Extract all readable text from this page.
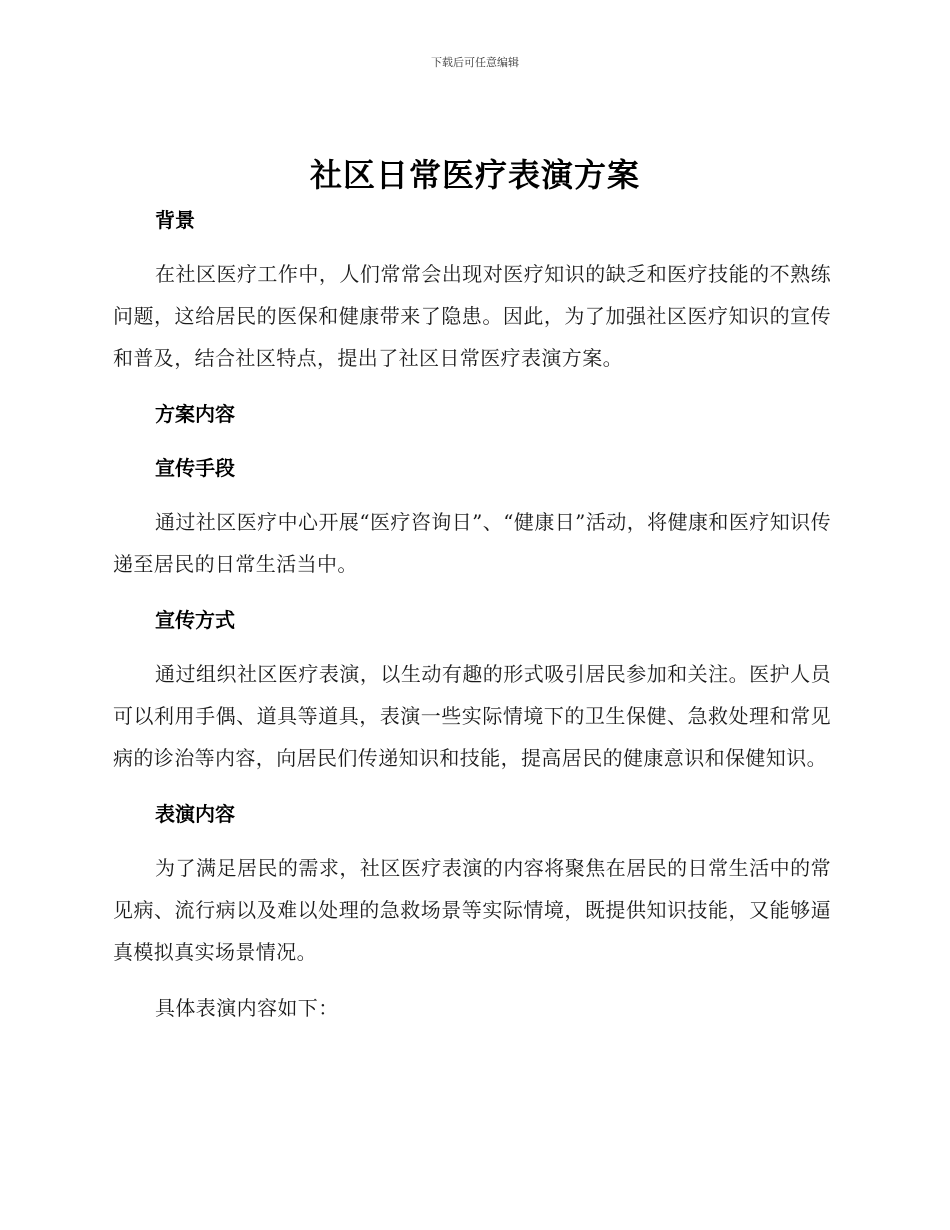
下载后可任意编辑
社区日常医疗表演方案

背景

在社区医疗工作中，人们常常会出现对医疗知识的缺乏和医疗技能的不熟练问题，这给居民的医保和健康带来了隐患。因此，为了加强社区医疗知识的宣传和普及，结合社区特点，提出了社区日常医疗表演方案。

方案内容

宣传手段

通过社区医疗中心开展“医疗咨询日”、“健康日”活动，将健康和医疗知识传递至居民的日常生活当中。

宣传方式

通过组织社区医疗表演，以生动有趣的形式吸引居民参加和关注。医护人员可以利用手偶、道具等道具，表演一些实际情境下的卫生保健、急救处理和常见病的诊治等内容，向居民们传递知识和技能，提高居民的健康意识和保健知识。

表演内容

为了满足居民的需求，社区医疗表演的内容将聚焦在居民的日常生活中的常见病、流行病以及难以处理的急救场景等实际情境，既提供知识技能，又能够逼真模拟真实场景情况。

具体表演内容如下：
